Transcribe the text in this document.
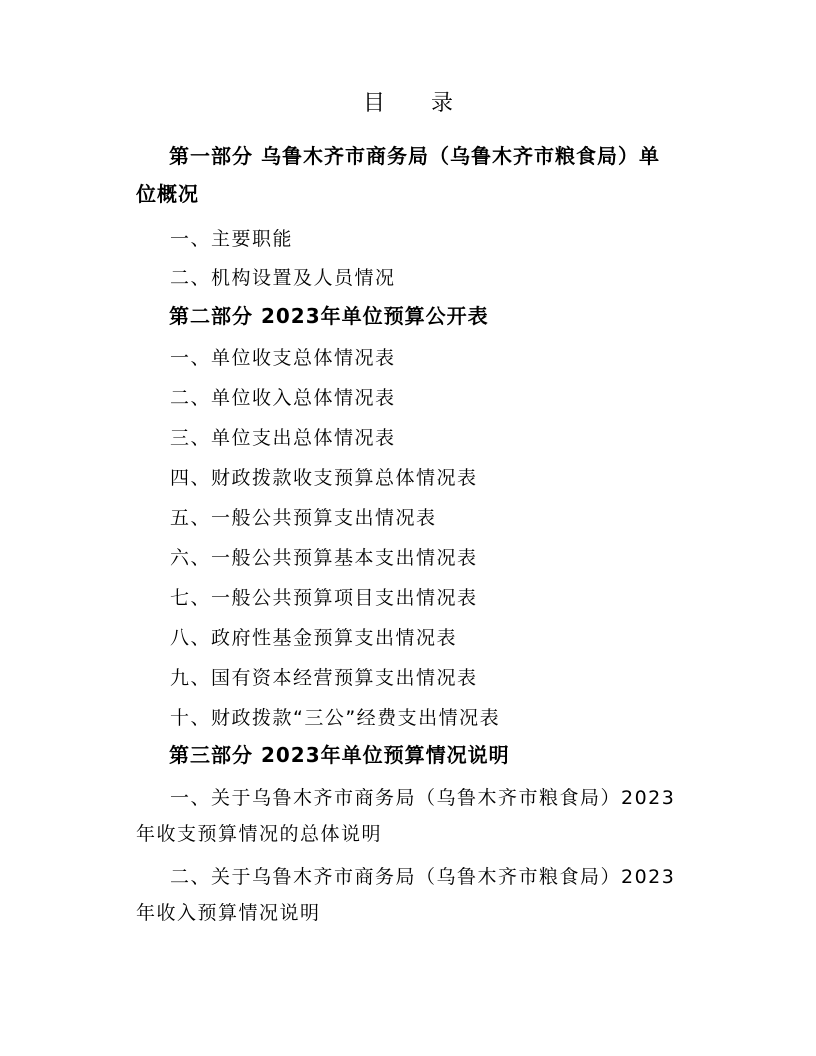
目录
第一部分 乌鲁木齐市商务局（乌鲁木齐市粮食局）单
位概况
一、主要职能
二、机构设置及人员情况
第二部分 2023年单位预算公开表
一、单位收支总体情况表
二、单位收入总体情况表
三、单位支出总体情况表
四、财政拨款收支预算总体情况表
五、一般公共预算支出情况表
六、一般公共预算基本支出情况表
七、一般公共预算项目支出情况表
八、政府性基金预算支出情况表
九、国有资本经营预算支出情况表
十、财政拨款“三公”经费支出情况表
第三部分 2023年单位预算情况说明
一、关于乌鲁木齐市商务局（乌鲁木齐市粮食局）2023
年收支预算情况的总体说明
二、关于乌鲁木齐市商务局（乌鲁木齐市粮食局）2023
年收入预算情况说明
